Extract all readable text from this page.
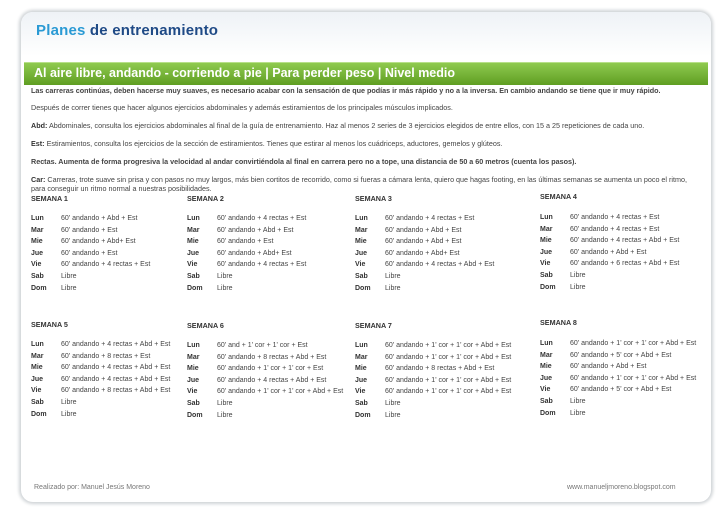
Planes de entrenamiento
Al aire libre, andando - corriendo a pie | Para perder peso | Nivel medio

Las carreras continúas, deben hacerse muy suaves, es necesario acabar con la sensación de que podías ir más rápido y no a la inversa. En cambio andando se tiene que ir muy rápido.

Después de correr tienes que hacer algunos ejercicios abdominales y además estiramientos de los principales músculos implicados.

Abd: Abdominales, consulta los ejercicios abdominales al final de la guía de entrenamiento. Haz al menos 2 series de 3 ejercicios elegidos de entre ellos, con 15 a 25 repeticiones de cada uno.

Est: Estiramientos, consulta los ejercicios de la sección de estiramientos. Tienes que estirar al menos los cuádriceps, aductores, gemelos y glúteos.

Rectas. Aumenta de forma progresiva la velocidad al andar convirtiéndola al final en carrera pero no a tope, una distancia de 50 a 60 metros (cuenta los pasos).

Car: Carreras, trote suave sin prisa y con pasos no muy largos, más bien cortitos de recorrido, como si fueras a cámara lenta, quiero que hagas footing, en las últimas semanas se aumenta un poco el ritmo, para conseguir un ritmo normal a nuestras posibilidades.

SEMANA 1
Lun 60' andando + Abd + Est
Mar	60' andando + Est
Mie	60' andando + Abd+ Est
Jue	60' andando + Est
Vie	60' andando + 4 rectas + Est
Sab Libre
Dom Libre
SEMANA 2
Lun 60' andando + 4 rectas + Est
Mar	60' andando + Abd + Est
Mie	60' andando + Est
Jue	60' andando + Abd+ Est
Vie	60' andando + 4 rectas + Est
Sab Libre
Dom Libre
SEMANA 3
Lun 60' andando + 4 rectas + Est
Mar	60' andando + Abd + Est
Mie	60' andando + Abd + Est
Jue	60' andando + Abd+ Est
Vie	60' andando + 4 rectas + Abd + Est
Sab Libre
Dom Libre
SEMANA 4
Lun 60' andando + 4 rectas + Est
Mar	60' andando + 4 rectas + Est
Mie	60' andando + 4 rectas + Abd + Est
Jue	60' andando + Abd + Est
Vie	60' andando + 6 rectas + Abd + Est
Sab Libre
Dom Libre
SEMANA 5
Lun 60' andando + 4 rectas + Abd + Est
Mar	60' andando + 8 rectas + Est
Mie	60' andando + 4 rectas + Abd + Est
Jue	60' andando + 4 rectas + Abd + Est
Vie	60' andando + 8 rectas + Abd + Est
Sab Libre
Dom Libre
SEMANA 6
Lun 60' and + 1' cor + 1' cor + Est
Mar	60' andando + 8 rectas + Abd + Est
Mie	60' andando + 1' cor + 1' cor + Est
Jue	60' andando + 4 rectas + Abd + Est
Vie	60' andando + 1' cor + 1' cor + Abd + Est
Sab Libre
Dom Libre
SEMANA 7
Lun 60' andando + 1' cor + 1' cor + Abd + Est
Mar	60' andando + 1' cor + 1' cor + Abd + Est
Mie	60' andando + 8 rectas + Abd + Est
Jue	60' andando + 1' cor + 1' cor + Abd + Est
Vie	60' andando + 1' cor + 1' cor + Abd + Est
Sab Libre
Dom Libre
SEMANA 8
Lun 60' andando + 1' cor + 1' cor + Abd + Est
Mar	60' andando + 5' cor + Abd + Est
Mie	60' andando + Abd + Est
Jue	60' andando + 1' cor + 1' cor + Abd + Est
Vie	60' andando + 5' cor + Abd + Est
Sab Libre
Dom Libre
Realizado por: Manuel Jesús Moreno	www.manueljmoreno.blogspot.com
